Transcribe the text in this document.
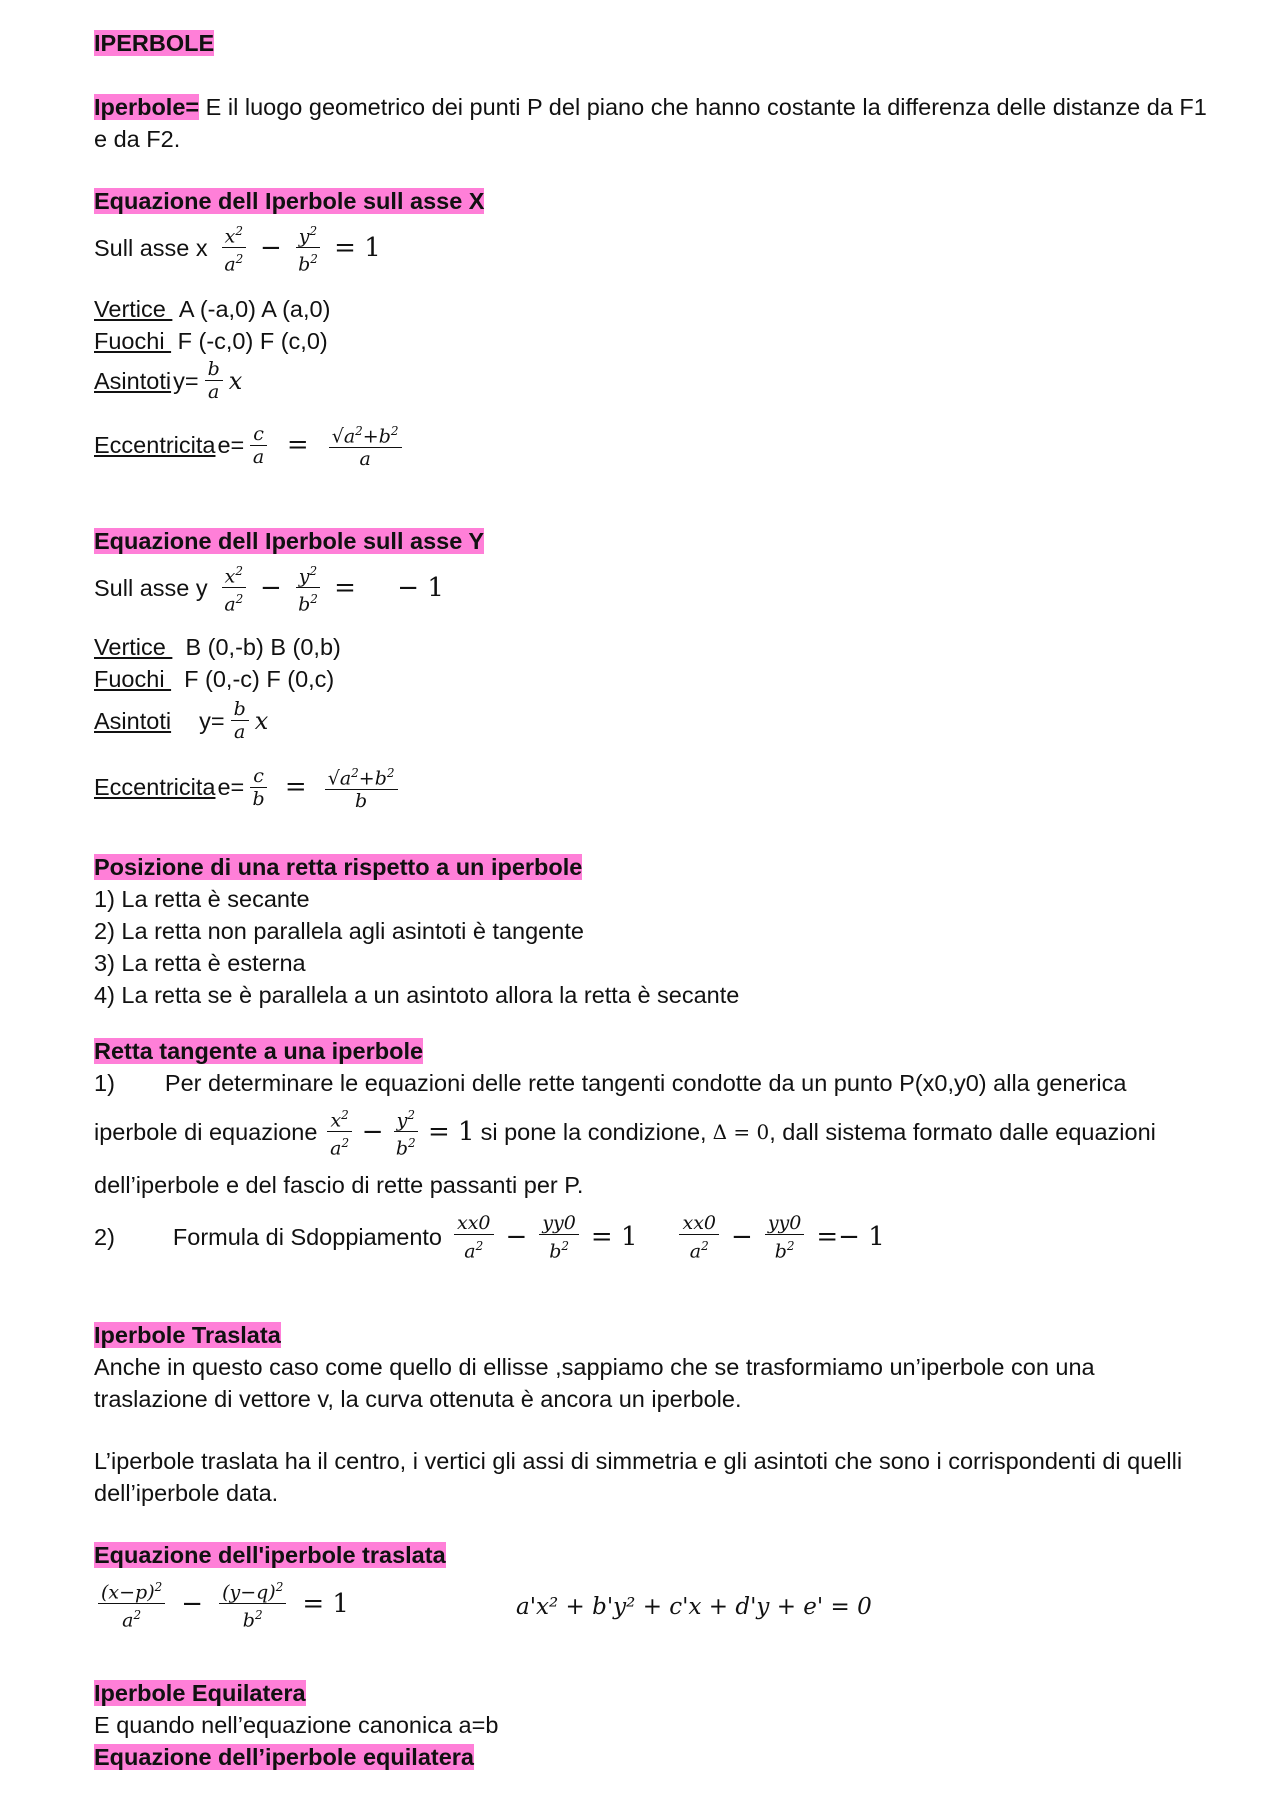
IPERBOLE
Iperbole= E il luogo geometrico dei punti P del piano che hanno costante la differenza delle distanze da F1
e da F2.
Equazione dell Iperbole sull asse X
Sull asse x $\frac{x^2}{a^2} - \frac{y^2}{b^2} = 1$
Vertice  A (-a,0) A (a,0)
Fuochi  F (-c,0) F (c,0)
Asintoti $y= \frac{b}{a}$ x
Eccentricita $e= \frac{c}{a} = \frac{√a^2+b^2}{a}$
Equazione dell Iperbole sull asse Y
Sull asse y $\frac{x^2}{a^2} - \frac{y^2}{b^2}$ =     − 1
Vertice   B (0,-b) B (0,b)
Fuochi   F (0,-c) F (0,c)
Asintoti $y= \frac{b}{a}$ x
Eccentricita $e= \frac{c}{b} = \frac{√a^2+b^2}{b}$
Posizione di una retta rispetto a un iperbole
1) La retta è secante
2) La retta non parallela agli asintoti è tangente
3) La retta è esterna
4) La retta se è parallela a un asintoto allora la retta è secante
Retta tangente a una iperbole
1) Per determinare le equazioni delle rette tangenti condotte da un punto P(x0,y0) alla generica
iperbole di equazione $\frac{x^2}{a^2} - \frac{y^2}{b^2} = 1$ si pone la condizione, Δ = 0 , dall sistema formato dalle equazioni
dell’iperbole e del fascio di rette passanti per P.
2) Formula di Sdoppiamento $\frac{xx0}{a^2} - \frac{yy0}{b^2} = 1 \frac{xx0}{a^2} - \frac{yy0}{b^2} =- 1$
Iperbole Traslata
Anche in questo caso come quello di ellisse ,sappiamo che se trasformiamo un’iperbole con una
traslazione di vettore v, la curva ottenuta è ancora un iperbole.
L’iperbole traslata ha il centro, i vertici gli assi di simmetria e gli asintoti che sono i corrispondenti di quelli
dell’iperbole data.
Equazione dell'iperbole traslata
$\frac{(x-p)^2}{a^2} - \frac{(y-q)^2}{b^2} = 1$	a'x² + b'y² + c'x + d'y + e' = 0
Iperbole Equilatera
E quando nell’equazione canonica a=b
Equazione dell’iperbole equilatera
